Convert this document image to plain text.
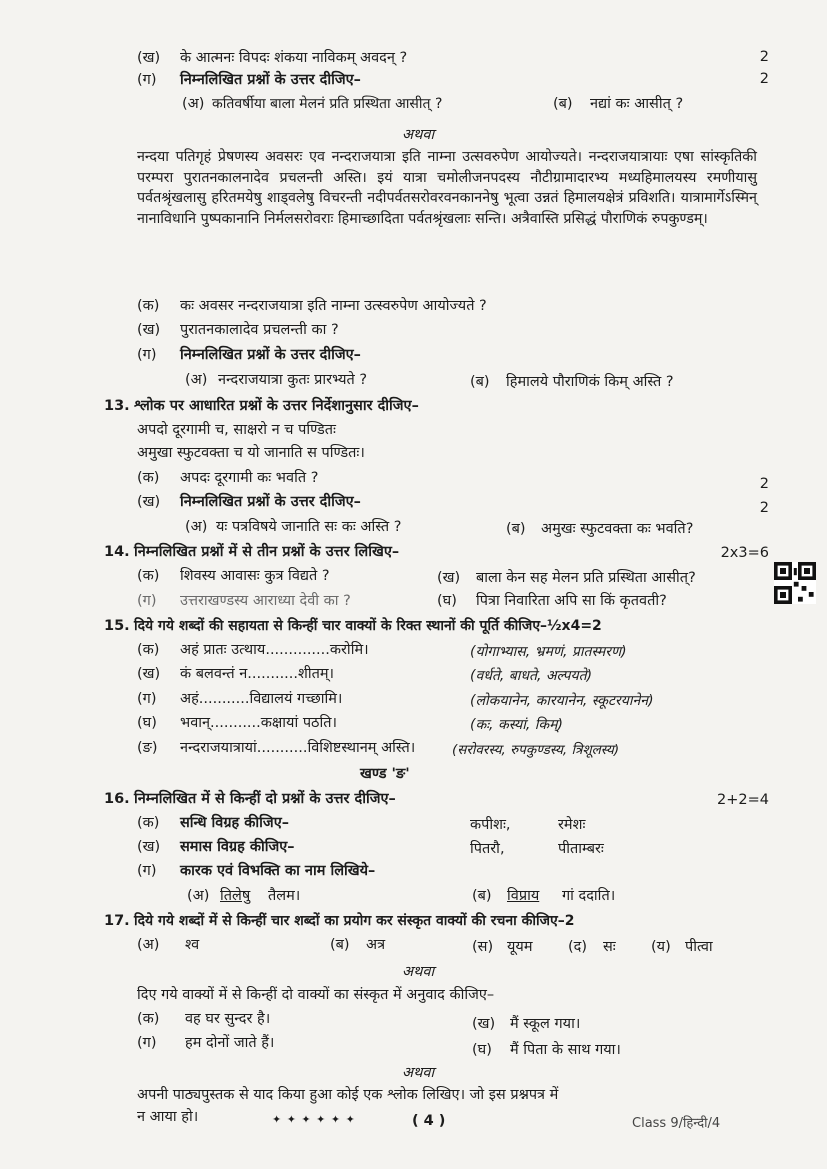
(ख) के आत्मनः विपदः शंकया नाविकम् अवदन् ?	2
(ग) निम्नलिखित प्रश्नों के उत्तर दीजिए–	2
(अ) कतिवर्षीया बाला मेलनं प्रति प्रस्थिता आसीत् ?	(ब) नद्यां कः आसीत् ?
अथवा
नन्दया पतिगृहं प्रेषणस्य अवसरः एव नन्दराजयात्रा इति नाम्ना उत्सवरुपेण आयोज्यते। नन्दराजयात्रायाः एषा सांस्कृतिकी परम्परा पुरातनकालनादेव प्रचलन्ती अस्ति। इयं यात्रा चमोलीजनपदस्य नौटीग्रामादारभ्य मध्यहिमालयस्य रमणीयासु पर्वतश्रृंखलासु हरितमयेषु शाड्वलेषु विचरन्ती नदीपर्वतसरोवरवनकाननेषु भूत्वा उन्नतं हिमालयक्षेत्रं प्रविशति। यात्रामार्गेऽस्मिन् नानाविधानि पुष्पकानानि निर्मलसरोवराः हिमाच्छादिता पर्वतश्रृंखलाः सन्ति। अत्रैवास्ति प्रसिद्धं पौराणिकं रुपकुण्डम्।
(क) कः अवसर नन्दराजयात्रा इति नाम्ना उत्स्वरुपेण आयोज्यते ?
(ख) पुरातनकालादेव प्रचलन्ती का ?
(ग) निम्नलिखित प्रश्नों के उत्तर दीजिए–
(अ) नन्दराजयात्रा कुतः प्रारभ्यते ?	(ब) हिमालये पौराणिकं किम् अस्ति ?
13. श्लोक पर आधारित प्रश्नों के उत्तर निर्देशानुसार दीजिए–
अपदो दूरगामी च, साक्षरो न च पण्डितः
अमुखा स्फुटवक्ता च यो जानाति स पण्डितः।
(क) अपदः दूरगामी कः भवति ?	2
(ख) निम्नलिखित प्रश्नों के उत्तर दीजिए–	2
(अ) यः पत्रविषये जानाति सः कः अस्ति ?	(ब) अमुखः स्फुटवक्ता कः भवति?
14. निम्नलिखित प्रश्नों में से तीन प्रश्नों के उत्तर लिखिए–	2x3=6
(क) शिवस्य आवासः कुत्र विद्यते ?	(ख) बाला केन सह मेलन प्रति प्रस्थिता आसीत्?
(ग) उत्तराखण्डस्य आराध्या देवी का ?	(घ) पित्रा निवारिता अपि सा किं कृतवती?
15. दिये गये शब्दों की सहायता से किन्हीं चार वाक्यों के रिक्त स्थानों की पूर्ति कीजिए–½x4=2
(क) अहं प्रातः उत्थाय..............करोमि।	(योगाभ्यास, भ्रमणं, प्रातस्मरण)
(ख) कं बलवन्तं न...........शीतम्।	(वर्धते, बाधते, अल्पयते)
(ग) अहं...........विद्यालयं गच्छामि।	(लोकयानेन, कारयानेन, स्कूटरयानेन)
(घ) भवान्...........कक्षायां पठति।	(कः, कस्यां, किम्)
(ङ) नन्दराजयात्रायां...........विशिष्टस्थानम् अस्ति।	(सरोवरस्य, रुपकुण्डस्य, त्रिशूलस्य)
खण्ड 'ङ'
16. निम्नलिखित में से किन्हीं दो प्रश्नों के उत्तर दीजिए–	2+2=4
(क) सन्धि विग्रह कीजिए–	कपीशः,	रमेशः
(ख) समास विग्रह कीजिए–	पितरौ,	पीताम्बरः
(ग) कारक एवं विभक्ति का नाम लिखिये–
(अ) तिलेषु तैलम।	(ब) विप्राय गां ददाति।
17. दिये गये शब्दों में से किन्हीं चार शब्दों का प्रयोग कर संस्कृत वाक्यों की रचना कीजिए–2
(अ) श्व	(ब) अत्र	(स) यूयम (द) सः (य) पीत्वा
अथवा
दिए गये वाक्यों में से किन्हीं दो वाक्यों का संस्कृत में अनुवाद कीजिए–
(क) वह घर सुन्दर है।	(ख) मैं स्कूल गया।
(ग) हम दोनों जाते हैं।	(घ) मैं पिता के साथ गया।
अथवा
अपनी पाठ्यपुस्तक से याद किया हुआ कोई एक श्लोक लिखिए। जो इस प्रश्नपत्र में
न आया हो।	✦ ✦ ✦ ✦ ✦ ✦	( 4 )	Class 9/हिन्दी/4
